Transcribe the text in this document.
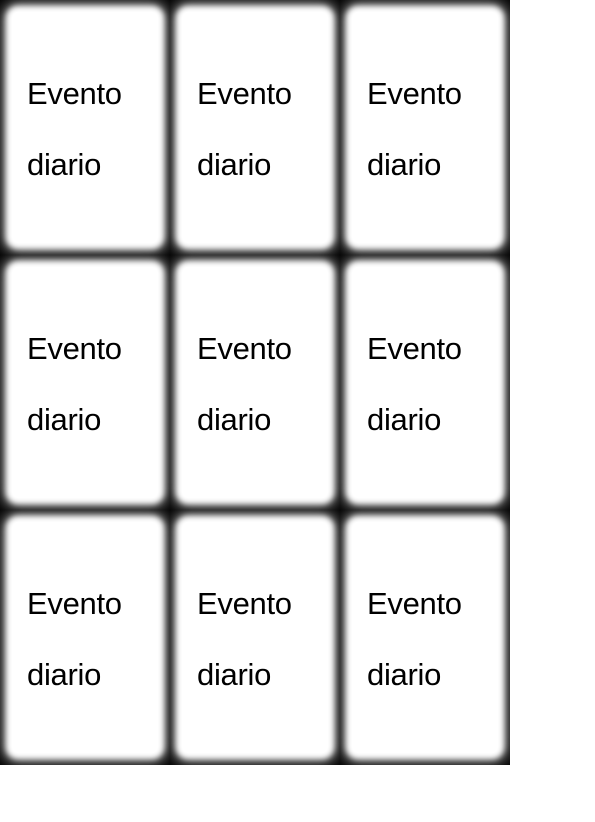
Evento
diario
Evento
diario
Evento
diario
Evento
diario
Evento
diario
Evento
diario
Evento
diario
Evento
diario
Evento
diario
